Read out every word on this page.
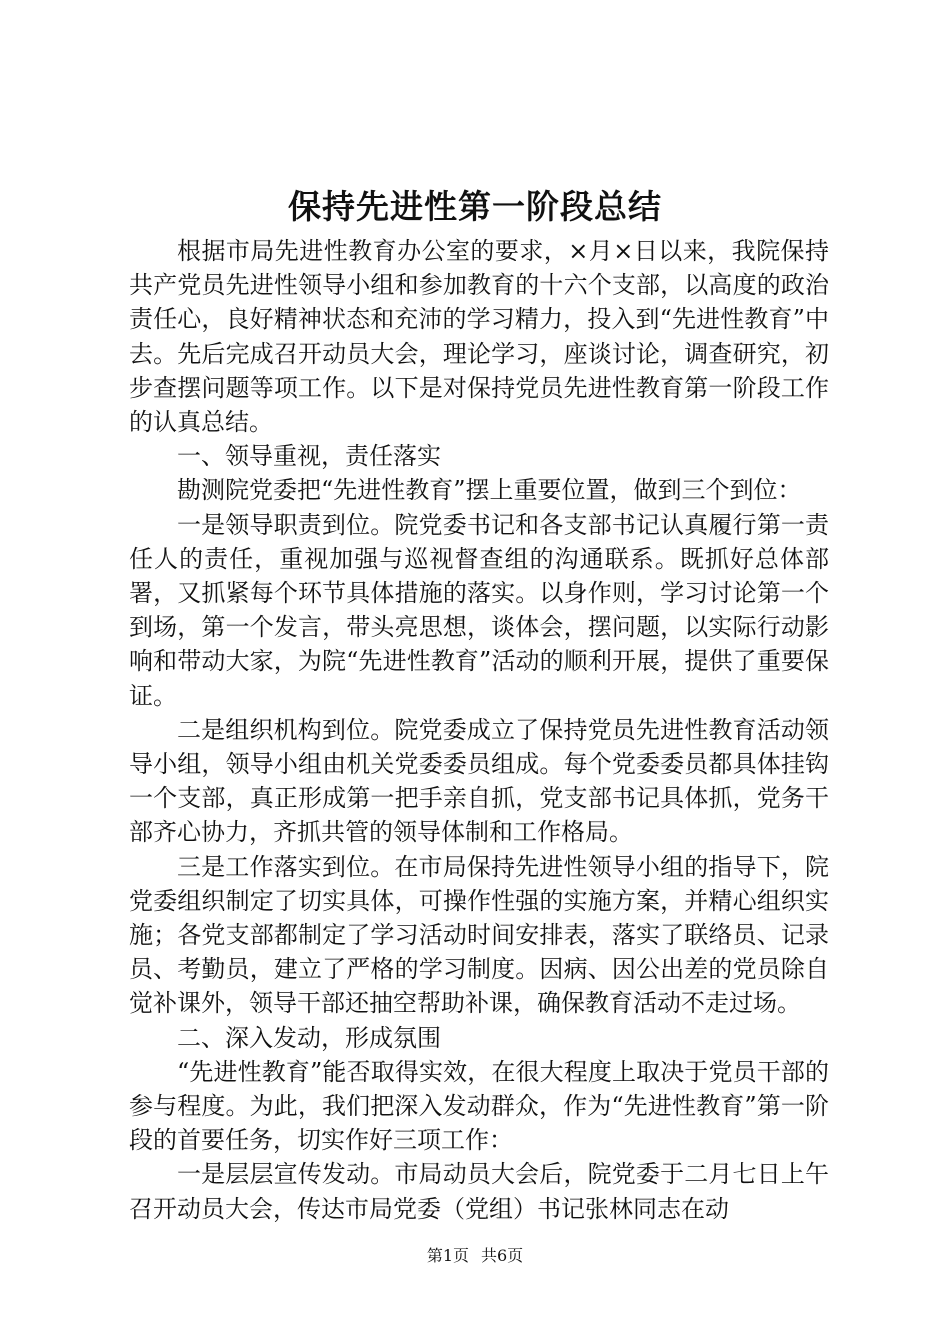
保持先进性第一阶段总结

根据市局先进性教育办公室的要求，×月×日以来，我院保持共产党员先进性领导小组和参加教育的十六个支部，以高度的政治责任心，良好精神状态和充沛的学习精力，投入到“先进性教育”中去。先后完成召开动员大会，理论学习，座谈讨论，调查研究，初步查摆问题等项工作。以下是对保持党员先进性教育第一阶段工作的认真总结。

一、领导重视，责任落实

勘测院党委把“先进性教育”摆上重要位置，做到三个到位：

一是领导职责到位。院党委书记和各支部书记认真履行第一责任人的责任，重视加强与巡视督查组的沟通联系。既抓好总体部署，又抓紧每个环节具体措施的落实。以身作则，学习讨论第一个到场，第一个发言，带头亮思想，谈体会，摆问题，以实际行动影响和带动大家，为院“先进性教育”活动的顺利开展，提供了重要保证。

二是组织机构到位。院党委成立了保持党员先进性教育活动领导小组，领导小组由机关党委委员组成。每个党委委员都具体挂钩一个支部，真正形成第一把手亲自抓，党支部书记具体抓，党务干部齐心协力，齐抓共管的领导体制和工作格局。

三是工作落实到位。在市局保持先进性领导小组的指导下，院党委组织制定了切实具体，可操作性强的实施方案，并精心组织实施；各党支部都制定了学习活动时间安排表，落实了联络员、记录员、考勤员，建立了严格的学习制度。因病、因公出差的党员除自觉补课外，领导干部还抽空帮助补课，确保教育活动不走过场。

二、深入发动，形成氛围

“先进性教育”能否取得实效，在很大程度上取决于党员干部的参与程度。为此，我们把深入发动群众，作为“先进性教育”第一阶段的首要任务，切实作好三项工作：

一是层层宣传发动。市局动员大会后，院党委于二月七日上午召开动员大会，传达市局党委（党组）书记张林同志在动

第1页 共6页
